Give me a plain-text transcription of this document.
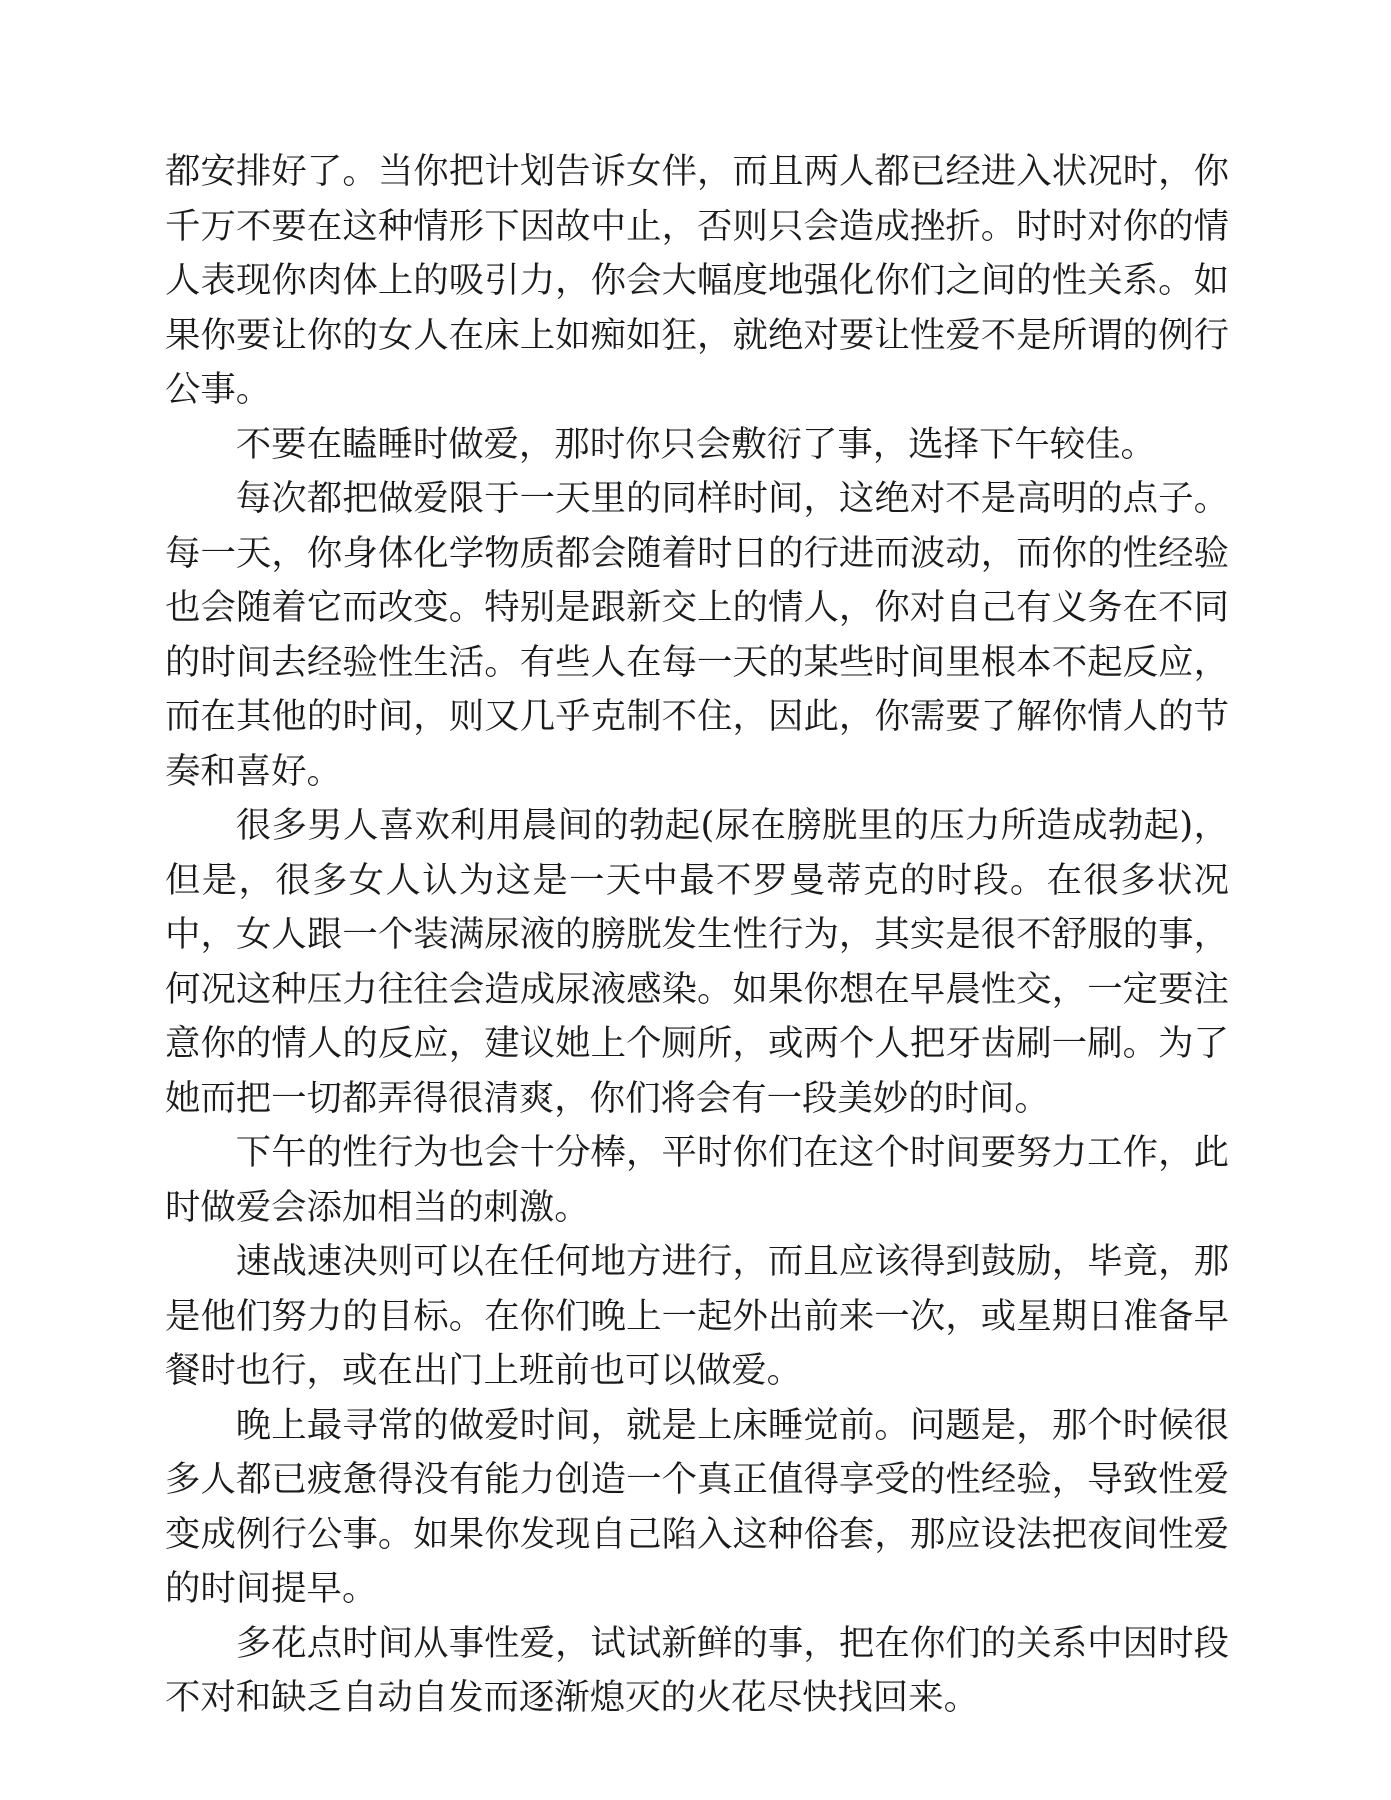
都安排好了。当你把计划告诉女伴，而且两人都已经进入状况时，你千万不要在这种情形下因故中止，否则只会造成挫折。时时对你的情人表现你肉体上的吸引力，你会大幅度地强化你们之间的性关系。如果你要让你的女人在床上如痴如狂，就绝对要让性爱不是所谓的例行公事。

不要在瞌睡时做爱，那时你只会敷衍了事，选择下午较佳。

每次都把做爱限于一天里的同样时间，这绝对不是高明的点子。每一天，你身体化学物质都会随着时日的行进而波动，而你的性经验也会随着它而改变。特别是跟新交上的情人，你对自己有义务在不同的时间去经验性生活。有些人在每一天的某些时间里根本不起反应，而在其他的时间，则又几乎克制不住，因此，你需要了解你情人的节奏和喜好。

很多男人喜欢利用晨间的勃起(尿在膀胱里的压力所造成勃起)，但是，很多女人认为这是一天中最不罗曼蒂克的时段。在很多状况中，女人跟一个装满尿液的膀胱发生性行为，其实是很不舒服的事，何况这种压力往往会造成尿液感染。如果你想在早晨性交，一定要注意你的情人的反应，建议她上个厕所，或两个人把牙齿刷一刷。为了她而把一切都弄得很清爽，你们将会有一段美妙的时间。

下午的性行为也会十分棒，平时你们在这个时间要努力工作，此时做爱会添加相当的刺激。

速战速决则可以在任何地方进行，而且应该得到鼓励，毕竟，那是他们努力的目标。在你们晚上一起外出前来一次，或星期日准备早餐时也行，或在出门上班前也可以做爱。

晚上最寻常的做爱时间，就是上床睡觉前。问题是，那个时候很多人都已疲惫得没有能力创造一个真正值得享受的性经验，导致性爱变成例行公事。如果你发现自己陷入这种俗套，那应设法把夜间性爱的时间提早。

多花点时间从事性爱，试试新鲜的事，把在你们的关系中因时段不对和缺乏自动自发而逐渐熄灭的火花尽快找回来。
